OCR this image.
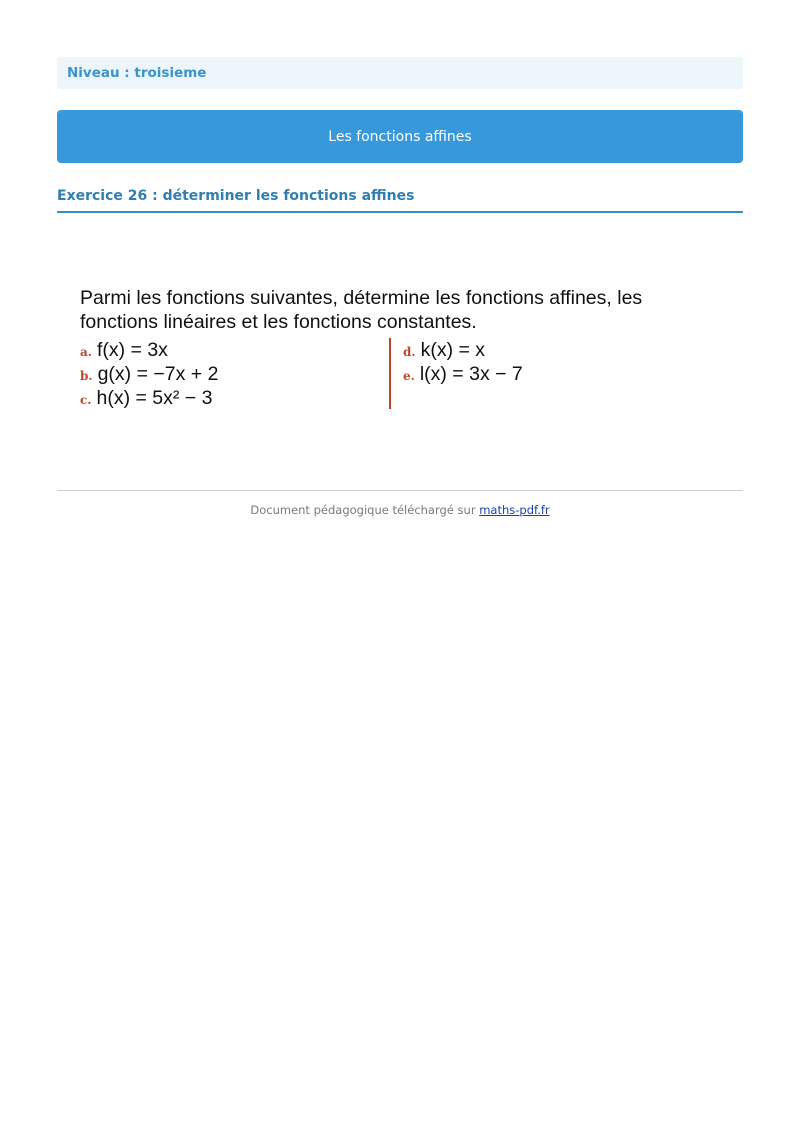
Niveau : troisieme
Les fonctions affines
Exercice 26 : déterminer les fonctions affines
Parmi les fonctions suivantes, détermine les fonctions affines, les fonctions linéaires et les fonctions constantes.
a. f(x) = 3x
b. g(x) = −7x + 2
c. h(x) = 5x² − 3
d. k(x) = x
e. l(x) = 3x − 7
Document pédagogique téléchargé sur maths-pdf.fr
